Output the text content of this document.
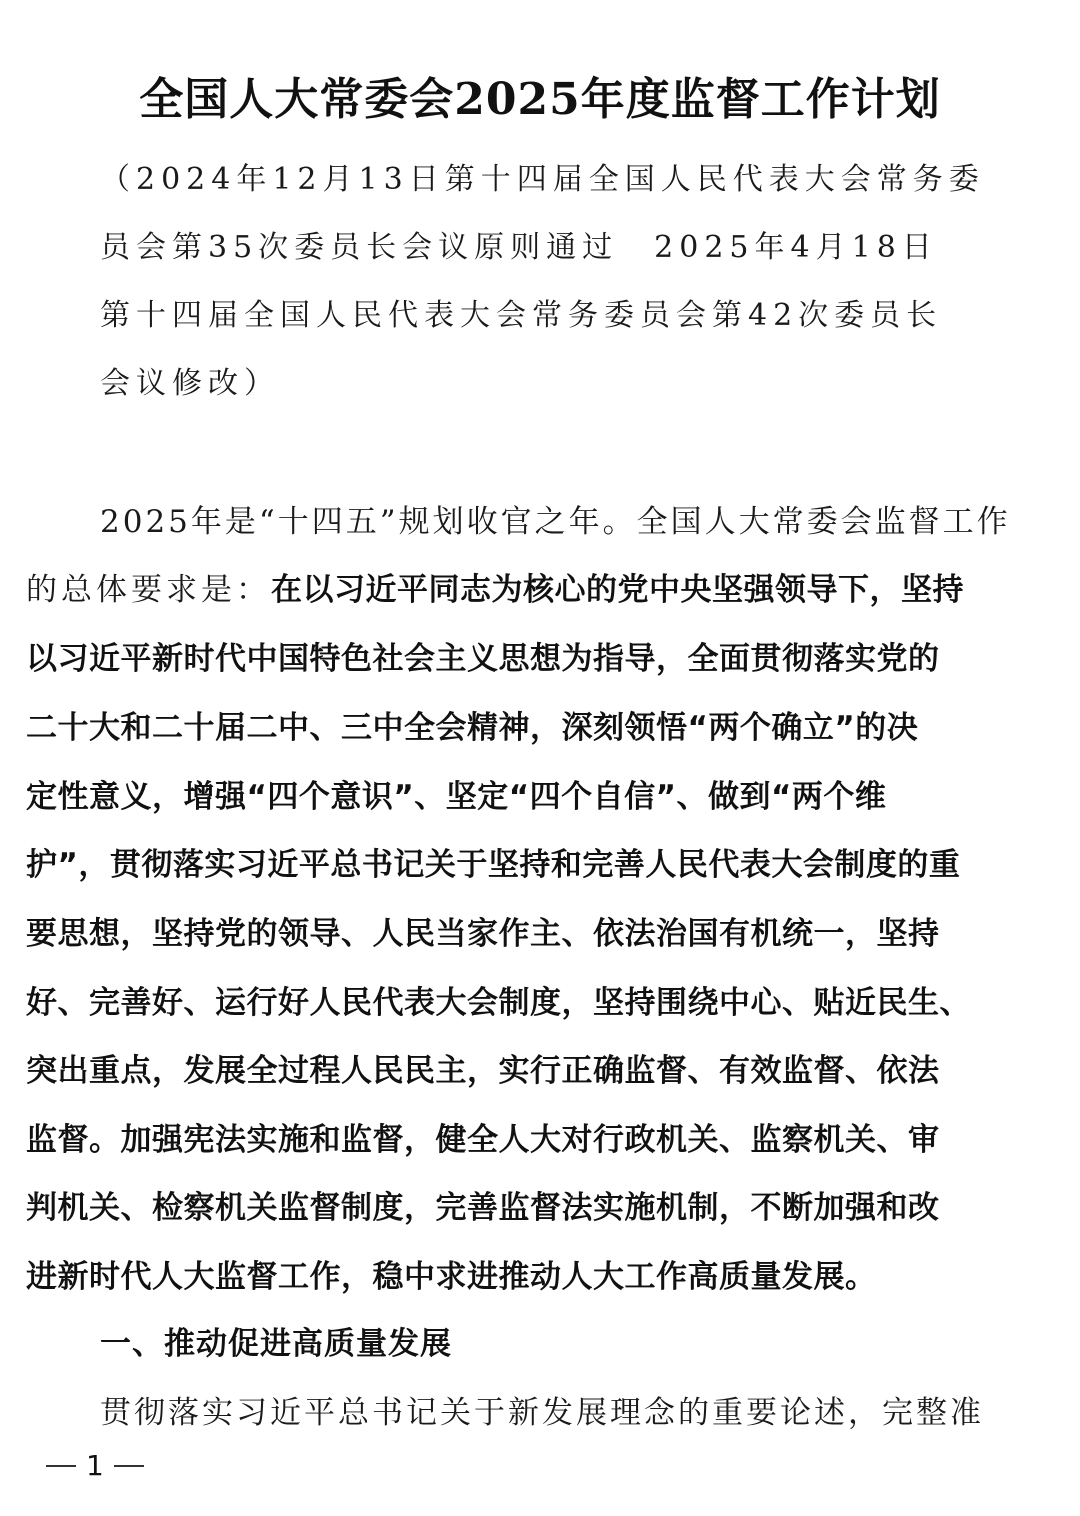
全国人大常委会2025年度监督工作计划
（2024年12月13日第十四届全国人民代表大会常务委
员会第35次委员长会议原则通过　2025年4月18日
第十四届全国人民代表大会常务委员会第42次委员长
会议修改）
2025年是“十四五”规划收官之年。全国人大常委会监督工作
的总体要求是：在以习近平同志为核心的党中央坚强领导下，坚持
以习近平新时代中国特色社会主义思想为指导，全面贯彻落实党的
二十大和二十届二中、三中全会精神，深刻领悟“两个确立”的决
定性意义，增强“四个意识”、坚定“四个自信”、做到“两个维
护”，贯彻落实习近平总书记关于坚持和完善人民代表大会制度的重
要思想，坚持党的领导、人民当家作主、依法治国有机统一，坚持
好、完善好、运行好人民代表大会制度，坚持围绕中心、贴近民生、
突出重点，发展全过程人民民主，实行正确监督、有效监督、依法
监督。加强宪法实施和监督，健全人大对行政机关、监察机关、审
判机关、检察机关监督制度，完善监督法实施机制，不断加强和改
进新时代人大监督工作，稳中求进推动人大工作高质量发展。
一、推动促进高质量发展
贯彻落实习近平总书记关于新发展理念的重要论述，完整准
1
